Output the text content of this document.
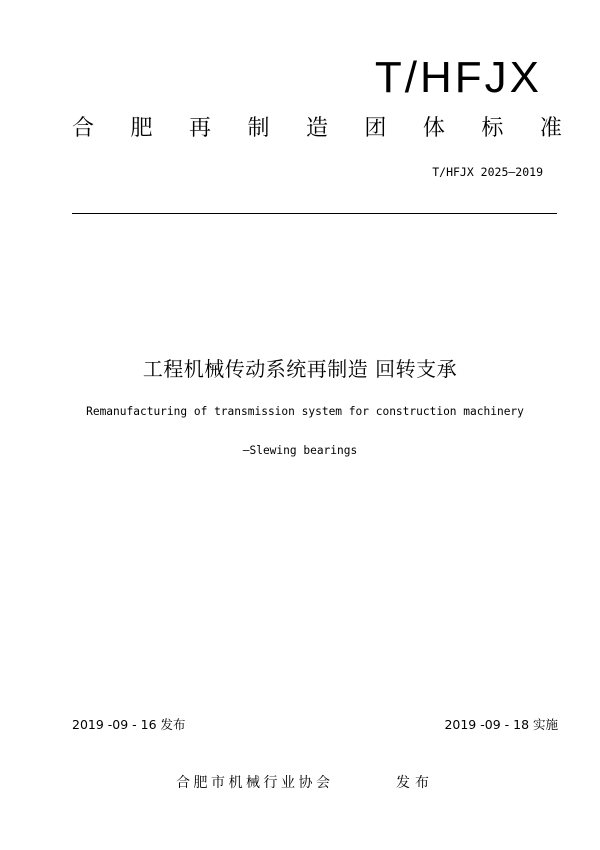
T/HFJX
合 肥 再 制 造 团 体 标 准
T/HFJX 2025—2019
工程机械传动系统再制造 回转支承
Remanufacturing of transmission system for construction machinery
—Slewing bearings
2019 -09 - 16 发布	2019 -09 - 18 实施
合肥市机械行业协会	发布
